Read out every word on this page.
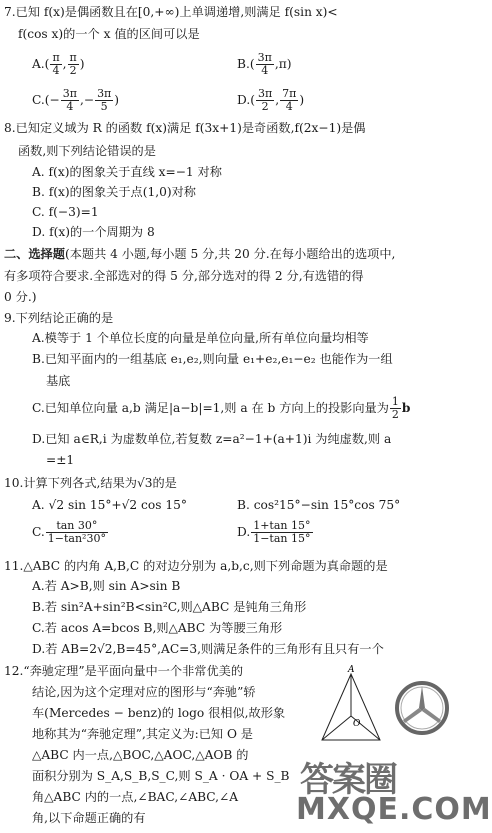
7.已知 f(x)是偶函数且在[0,+∞)上单调递增,则满足 f(sin x)<
f(cos x)的一个 x 值的区间可以是
$A.( \frac{\pi}{4}$ , $\frac{\pi}{2}$ )	$B.( \frac{3\pi}{4} ,\pi)$
$C.(- \frac{3\pi}{4}$ ,− $\frac{3\pi}{5}$ )	$D.( \frac{3\pi}{2}$ , $\frac{7\pi}{4}$ )
8.已知定义域为 R 的函数 f(x)满足 f(3x+1)是奇函数,f(2x−1)是偶
函数,则下列结论错误的是
A. f(x)的图象关于直线 x=−1 对称
B. f(x)的图象关于点(1,0)对称
C. f(−3)=1
D. f(x)的一个周期为 8
二、选择题(本题共 4 小题,每小题 5 分,共 20 分.在每小题给出的选项中,
有多项符合要求.全部选对的得 5 分,部分选对的得 2 分,有选错的得
0 分.)
9.下列结论正确的是
A.模等于 1 个单位长度的向量是单位向量,所有单位向量均相等
B.已知平面内的一组基底 e₁,e₂,则向量 e₁+e₂,e₁−e₂ 也能作为一组
基底
C.已知单位向量 a,b 满足|a−b|=1,则 a 在 b 方向上的投影向量为 $\frac{1}{2}$ b
D.已知 a∈R,i 为虚数单位,若复数 z=a²−1+(a+1)i 为纯虚数,则 a
=±1
10.计算下列各式,结果为√3的是
A. √2 sin 15°+√2 cos 15°	B. cos²15°−sin 15°cos 75°
C. $\frac{\tan 30^\circ}{\text{1−tan²30°}}$	D. $\frac{1+\tan 15^\circ}{1-\tan 15^\circ}$
11.△ABC 的内角 A,B,C 的对边分别为 a,b,c,则下列命题为真命题的是
A.若 A>B,则 sin A>sin B
B.若 sin²A+sin²B<sin²C,则△ABC 是钝角三角形
C.若 acos A=bcos B,则△ABC 为等腰三角形
D.若 AB=2√2,B=45°,AC=3,则满足条件的三角形有且只有一个
12.“奔驰定理”是平面向量中一个非常优美的
结论,因为这个定理对应的图形与“奔驰”轿
车(Mercedes − benz)的 logo 很相似,故形象
地称其为“奔驰定理”,其定义为:已知 O 是
△ABC 内一点,△BOC,△AOC,△AOB 的
面积分别为 S_A,S_B,S_C,则 S_A · OA + S_B
角△ABC 内的一点,∠BAC,∠ABC,∠A
角,以下命题正确的有
A
O
答案圈
MXQE.COM
